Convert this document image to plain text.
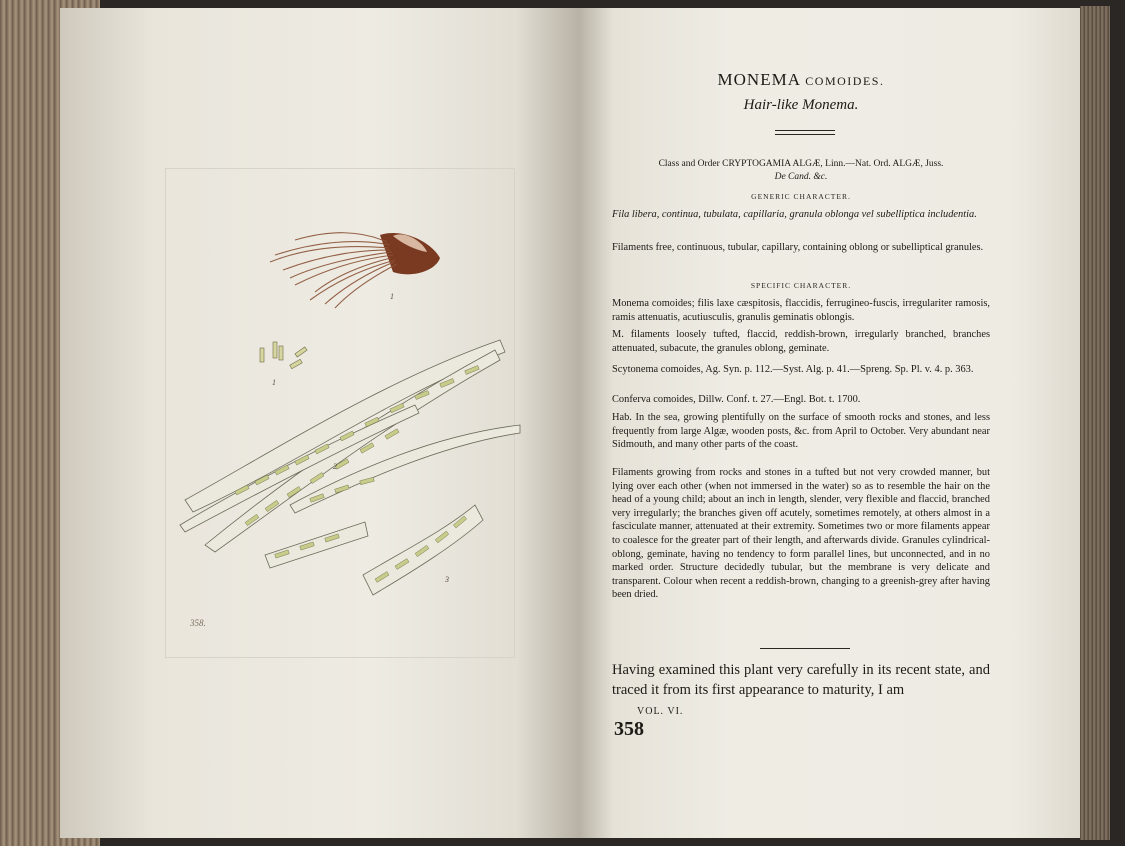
1
1
2
3
358.
MONEMA COMOIDES.
Hair-like Monema.
Class and Order CRYPTOGAMIA ALGÆ, Linn.—Nat. Ord. ALGÆ, Juss.
De Cand. &c.
GENERIC CHARACTER.
Fila libera, continua, tubulata, capillaria, granula oblonga vel subelliptica includentia.
Filaments free, continuous, tubular, capillary, containing oblong or subelliptical granules.
SPECIFIC CHARACTER.
Monema comoides; filis laxe cæspitosis, flaccidis, ferrugineo-fuscis, irregulariter ramosis, ramis attenuatis, acutiusculis, granulis geminatis oblongis.
M. filaments loosely tufted, flaccid, reddish-brown, irregularly branched, branches attenuated, subacute, the granules oblong, geminate.
Scytonema comoides, Ag. Syn. p. 112.—Syst. Alg. p. 41.—Spreng. Sp. Pl. v. 4. p. 363.
Conferva comoides, Dillw. Conf. t. 27.—Engl. Bot. t. 1700.
Hab. In the sea, growing plentifully on the surface of smooth rocks and stones, and less frequently from large Algæ, wooden posts, &c. from April to October. Very abundant near Sidmouth, and many other parts of the coast.
Filaments growing from rocks and stones in a tufted but not very crowded manner, but lying over each other (when not immersed in the water) so as to resemble the hair on the head of a young child; about an inch in length, slender, very flexible and flaccid, branched very irregularly; the branches given off acutely, sometimes remotely, at others almost in a fasciculate manner, attenuated at their extremity. Sometimes two or more filaments appear to coalesce for the greater part of their length, and afterwards divide. Granules cylindrical-oblong, geminate, having no tendency to form parallel lines, but unconnected, and in no marked order. Structure decidedly tubular, but the membrane is very delicate and transparent. Colour when recent a reddish-brown, changing to a greenish-grey after having been dried.
Having examined this plant very carefully in its recent state, and traced it from its first appearance to maturity, I am
VOL. VI.
358
